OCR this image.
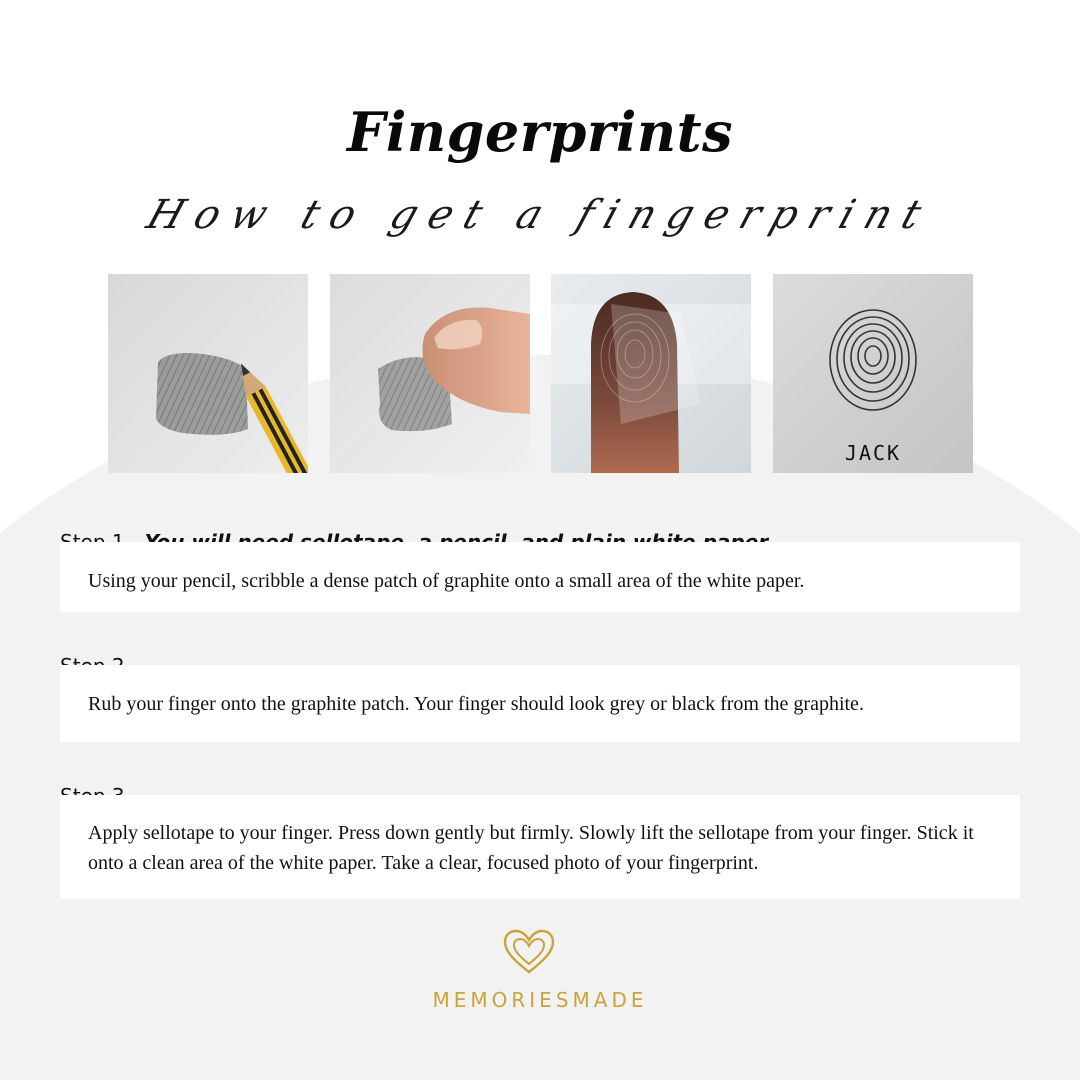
Fingerprints
How to get a fingerprint
JACK
Using your pencil, scribble a dense patch of graphite onto a small area of the white paper.
Rub your finger onto the graphite patch. Your finger should look grey or black from the graphite.
Apply sellotape to your finger. Press down gently but firmly. Slowly lift the sellotape from your finger. Stick it onto a clean area of the white paper. Take a clear, focused photo of your fingerprint.
MEMORIESMADE
